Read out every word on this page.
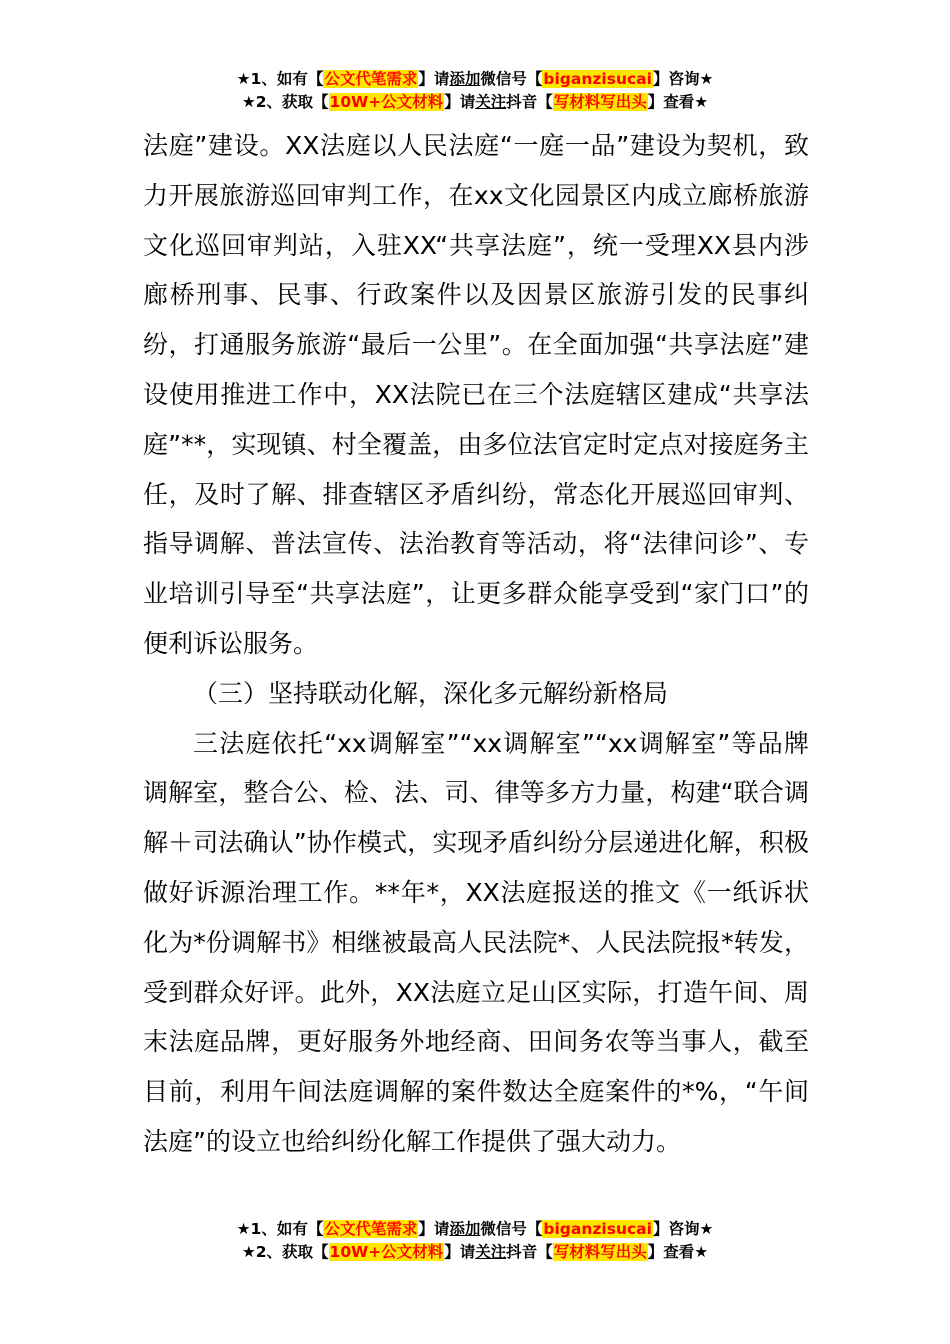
★1、如有【公文代笔需求】请添加微信号【biganzisucai】咨询★
★2、获取【10W+公文材料】请关注抖音【写材料写出头】查看★

法庭”建设。XX法庭以人民法庭“一庭一品”建设为契机，致力开展旅游巡回审判工作，在xx文化园景区内成立廊桥旅游文化巡回审判站，入驻XX“共享法庭”，统一受理XX县内涉廊桥刑事、民事、行政案件以及因景区旅游引发的民事纠纷，打通服务旅游“最后一公里”。在全面加强“共享法庭”建设使用推进工作中，XX法院已在三个法庭辖区建成“共享法庭”**，实现镇、村全覆盖，由多位法官定时定点对接庭务主任，及时了解、排查辖区矛盾纠纷，常态化开展巡回审判、指导调解、普法宣传、法治教育等活动，将“法律问诊”、专业培训引导至“共享法庭”，让更多群众能享受到“家门口”的便利诉讼服务。

（三）坚持联动化解，深化多元解纷新格局

三法庭依托“xx调解室”“xx调解室”“xx调解室”等品牌调解室，整合公、检、法、司、律等多方力量，构建“联合调解＋司法确认”协作模式，实现矛盾纠纷分层递进化解，积极做好诉源治理工作。**年*，XX法庭报送的推文《一纸诉状化为*份调解书》相继被最高人民法院*、人民法院报*转发，受到群众好评。此外，XX法庭立足山区实际，打造午间、周末法庭品牌，更好服务外地经商、田间务农等当事人，截至目前，利用午间法庭调解的案件数达全庭案件的*%，“午间法庭”的设立也给纠纷化解工作提供了强大动力。

★1、如有【公文代笔需求】请添加微信号【biganzisucai】咨询★
★2、获取【10W+公文材料】请关注抖音【写材料写出头】查看★
